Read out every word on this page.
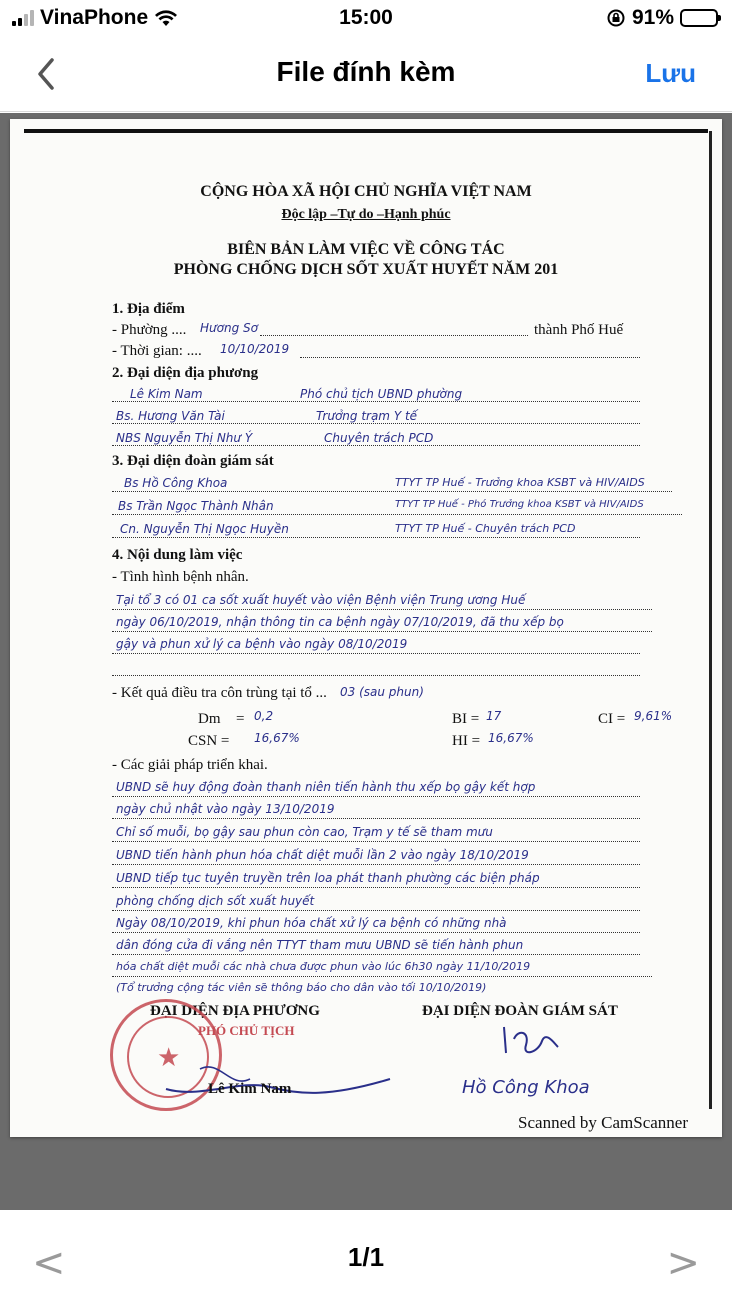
VinaPhone	15:00	91%
File đính kèm	Lưu
CỘNG HÒA XÃ HỘI CHỦ NGHĨA VIỆT NAM
Độc lập –Tự do –Hạnh phúc
BIÊN BẢN LÀM VIỆC VỀ CÔNG TÁC
PHÒNG CHỐNG DỊCH SỐT XUẤT HUYẾT NĂM 201
1. Địa điểm
- Phường .... Hương Sơ	thành Phố Huế
- Thời gian: .... 10/10/2019
2. Đại diện địa phương
Lê Kim Nam	Phó chủ tịch UBND phường
Bs. Hương Văn Tài	Trưởng trạm Y tế
NBS Nguyễn Thị Như Ý	Chuyên trách PCD
3. Đại diện đoàn giám sát
Bs Hồ Công Khoa	TTYT TP Huế - Trưởng khoa KSBT và HIV/AIDS
Bs Trần Ngọc Thành Nhân	TTYT TP Huế - Phó Trưởng khoa KSBT và HIV/AIDS
Cn. Nguyễn Thị Ngọc Huyền	TTYT TP Huế - Chuyên trách PCD
4. Nội dung làm việc
- Tình hình bệnh nhân.
Tại tổ 3 có 01 ca sốt xuất huyết vào viện Bệnh viện Trung ương Huế
ngày 06/10/2019, nhận thông tin ca bệnh ngày 07/10/2019, đã thu xếp bọ
gậy và phun xử lý ca bệnh vào ngày 08/10/2019
- Kết quả điều tra côn trùng tại tổ ... 03 (sau phun)
Dm = 0,2	BI = 17	CI = 9,61%
CSN = 16,67%	HI = 16,67%
- Các giải pháp triển khai.
UBND sẽ huy động đoàn thanh niên tiến hành thu xếp bọ gậy kết hợp
ngày chủ nhật vào ngày 13/10/2019
Chỉ số muỗi, bọ gậy sau phun còn cao, Trạm y tế sẽ tham mưu
UBND tiến hành phun hóa chất diệt muỗi lần 2 vào ngày 18/10/2019
UBND tiếp tục tuyên truyền trên loa phát thanh phường các biện pháp
phòng chống dịch sốt xuất huyết
Ngày 08/10/2019, khi phun hóa chất xử lý ca bệnh có những nhà
dân đóng cửa đi vắng nên TTYT tham mưu UBND sẽ tiến hành phun
hóa chất diệt muỗi các nhà chưa được phun vào lúc 6h30 ngày 11/10/2019
(Tổ trưởng cộng tác viên sẽ thông báo cho dân vào tối 10/10/2019)
ĐẠI DIỆN ĐỊA PHƯƠNG
PHÓ CHỦ TỊCH
ĐẠI DIỆN ĐOÀN GIÁM SÁT
★
Lê Kim Nam	Hồ Công Khoa
Scanned by CamScanner
<	1/1	>
